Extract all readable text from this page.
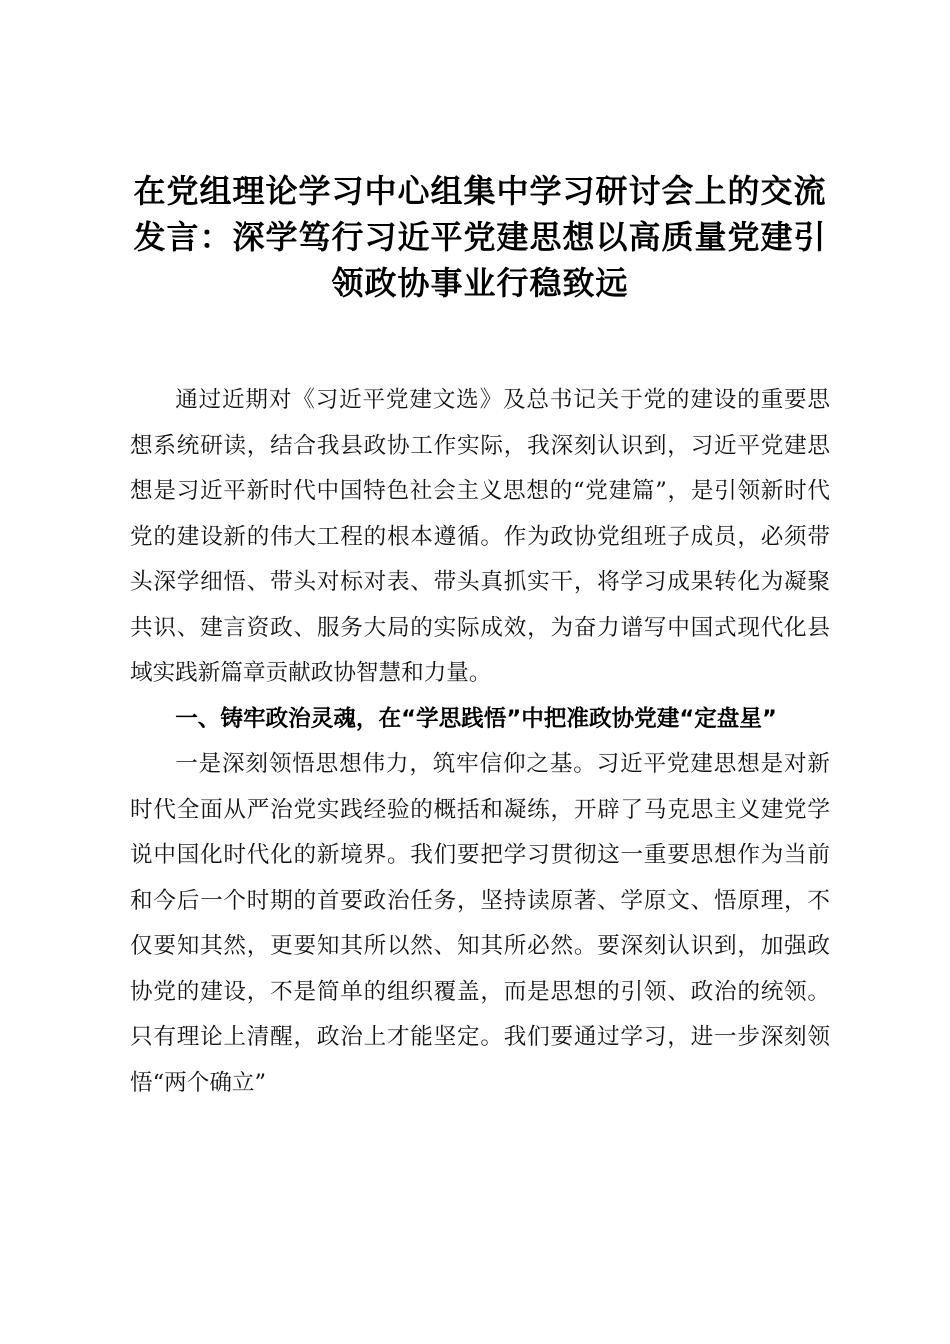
在党组理论学习中心组集中学习研讨会上的交流发言：深学笃行习近平党建思想以高质量党建引领政协事业行稳致远

通过近期对《习近平党建文选》及总书记关于党的建设的重要思想系统研读，结合我县政协工作实际，我深刻认识到，习近平党建思想是习近平新时代中国特色社会主义思想的“党建篇”，是引领新时代党的建设新的伟大工程的根本遵循。作为政协党组班子成员，必须带头深学细悟、带头对标对表、带头真抓实干，将学习成果转化为凝聚共识、建言资政、服务大局的实际成效，为奋力谱写中国式现代化县域实践新篇章贡献政协智慧和力量。

一、铸牢政治灵魂，在“学思践悟”中把准政协党建“定盘星”

一是深刻领悟思想伟力，筑牢信仰之基。习近平党建思想是对新时代全面从严治党实践经验的概括和凝练，开辟了马克思主义建党学说中国化时代化的新境界。我们要把学习贯彻这一重要思想作为当前和今后一个时期的首要政治任务，坚持读原著、学原文、悟原理，不仅要知其然，更要知其所以然、知其所必然。要深刻认识到，加强政协党的建设，不是简单的组织覆盖，而是思想的引领、政治的统领。只有理论上清醒，政治上才能坚定。我们要通过学习，进一步深刻领悟“两个确立”
